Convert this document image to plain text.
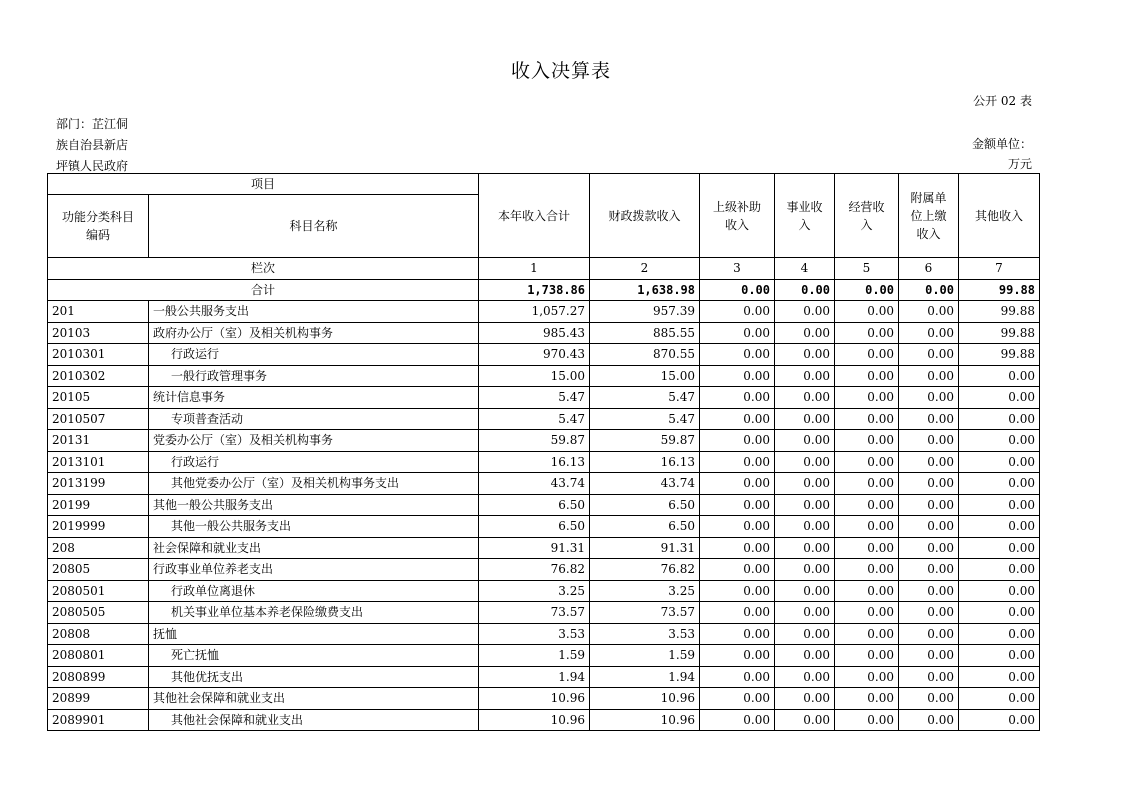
收入决算表
公开 02 表
部门：芷江侗
族自治县新店
坪镇人民政府
金额单位：
万元
项目		本年收入合计	财政拨款收入	上级补助收入	事业收入	经营收入	附属单位上缴收入	其他收入
功能分类科目编码	科目名称							
栏次		1	2	3	4	5	6	7
合计		1,738.86	1,638.98	0.00	0.00	0.00	0.00	99.88
201	一般公共服务支出	1,057.27	957.39	0.00	0.00	0.00	0.00	99.88
20103	政府办公厅（室）及相关机构事务	985.43	885.55	0.00	0.00	0.00	0.00	99.88
2010301	行政运行	970.43	870.55	0.00	0.00	0.00	0.00	99.88
2010302	一般行政管理事务	15.00	15.00	0.00	0.00	0.00	0.00	0.00
20105	统计信息事务	5.47	5.47	0.00	0.00	0.00	0.00	0.00
2010507	专项普查活动	5.47	5.47	0.00	0.00	0.00	0.00	0.00
20131	党委办公厅（室）及相关机构事务	59.87	59.87	0.00	0.00	0.00	0.00	0.00
2013101	行政运行	16.13	16.13	0.00	0.00	0.00	0.00	0.00
2013199	其他党委办公厅（室）及相关机构事务支出	43.74	43.74	0.00	0.00	0.00	0.00	0.00
20199	其他一般公共服务支出	6.50	6.50	0.00	0.00	0.00	0.00	0.00
2019999	其他一般公共服务支出	6.50	6.50	0.00	0.00	0.00	0.00	0.00
208	社会保障和就业支出	91.31	91.31	0.00	0.00	0.00	0.00	0.00
20805	行政事业单位养老支出	76.82	76.82	0.00	0.00	0.00	0.00	0.00
2080501	行政单位离退休	3.25	3.25	0.00	0.00	0.00	0.00	0.00
2080505	机关事业单位基本养老保险缴费支出	73.57	73.57	0.00	0.00	0.00	0.00	0.00
20808	抚恤	3.53	3.53	0.00	0.00	0.00	0.00	0.00
2080801	死亡抚恤	1.59	1.59	0.00	0.00	0.00	0.00	0.00
2080899	其他优抚支出	1.94	1.94	0.00	0.00	0.00	0.00	0.00
20899	其他社会保障和就业支出	10.96	10.96	0.00	0.00	0.00	0.00	0.00
2089901	其他社会保障和就业支出	10.96	10.96	0.00	0.00	0.00	0.00	0.00
